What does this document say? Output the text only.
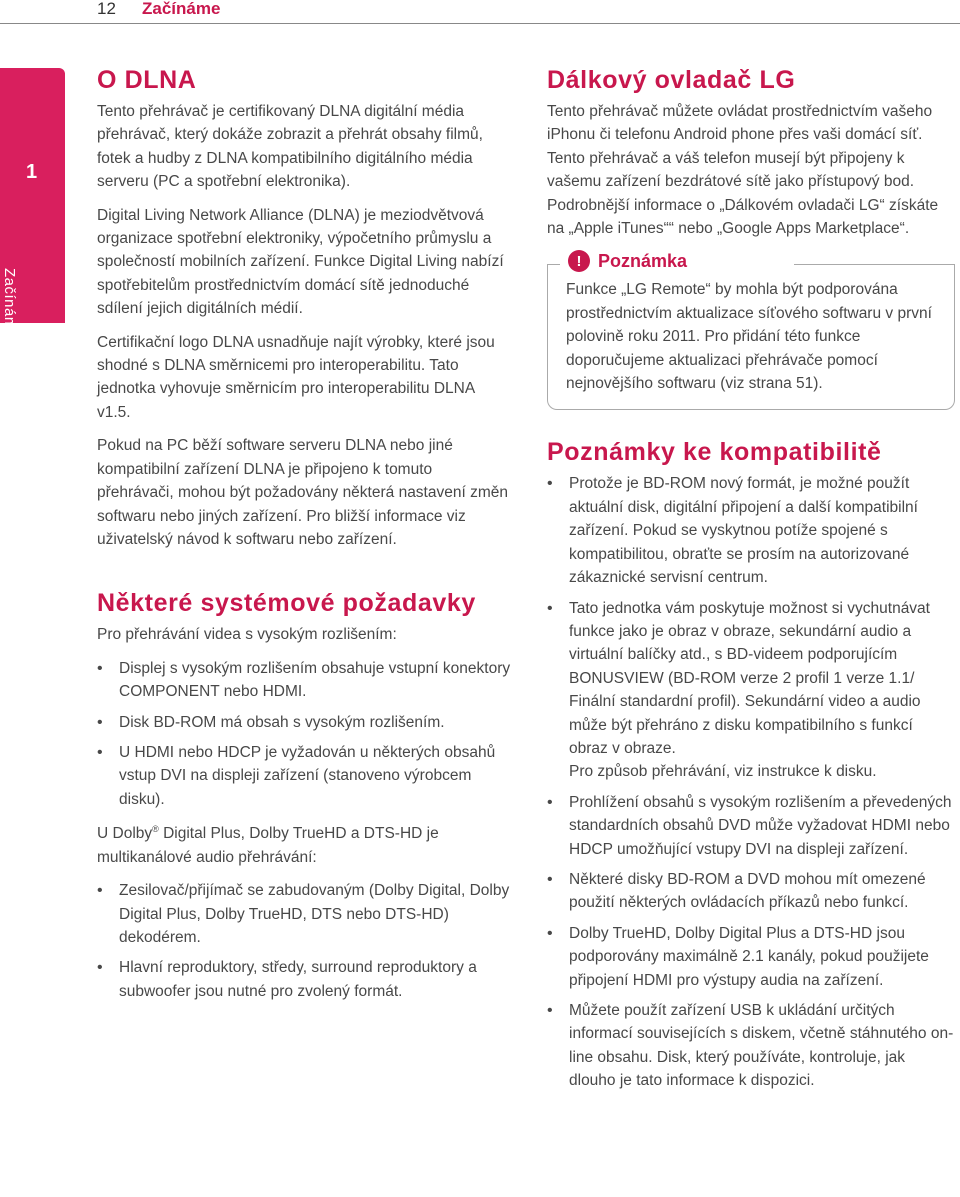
12 Začínáme
1
Začínáme
O DLNA

Tento přehrávač je certifikovaný DLNA digitální média přehrávač, který dokáže zobrazit a přehrát obsahy filmů, fotek a hudby z DLNA kompatibilního digitálního média serveru (PC a spotřební elektronika).

Digital Living Network Alliance (DLNA) je meziodvětvová organizace spotřební elektroniky, výpočetního průmyslu a společností mobilních zařízení. Funkce Digital Living nabízí spotřebitelům prostřednictvím domácí sítě jednoduché sdílení jejich digitálních médií.

Certifikační logo DLNA usnadňuje najít výrobky, které jsou shodné s DLNA směrnicemi pro interoperabilitu. Tato jednotka vyhovuje směrnicím pro interoperabilitu DLNA v1.5.

Pokud na PC běží software serveru DLNA nebo jiné kompatibilní zařízení DLNA je připojeno k tomuto přehrávači, mohou být požadovány některá nastavení změn softwaru nebo jiných zařízení. Pro bližší informace viz uživatelský návod k softwaru nebo zařízení.

Některé systémové požadavky

Pro přehrávání videa s vysokým rozlišením:

• Displej s vysokým rozlišením obsahuje vstupní konektory COMPONENT nebo HDMI.
• Disk BD-ROM má obsah s vysokým rozlišením.
• U HDMI nebo HDCP je vyžadován u některých obsahů vstup DVI na displeji zařízení (stanoveno výrobcem disku).

U Dolby® Digital Plus, Dolby TrueHD a DTS-HD je multikanálové audio přehrávání:

• Zesilovač/přijímač se zabudovaným (Dolby Digital, Dolby Digital Plus, Dolby TrueHD, DTS nebo DTS-HD) dekodérem.
• Hlavní reproduktory, středy, surround reproduktory a subwoofer jsou nutné pro zvolený formát.
Dálkový ovladač LG

Tento přehrávač můžete ovládat prostřednictvím vašeho iPhonu či telefonu Android phone přes vaši domácí síť. Tento přehrávač a váš telefon musejí být připojeny k vašemu zařízení bezdrátové sítě jako přístupový bod. Podrobnější informace o „Dálkovém ovladači LG“ získáte na „Apple iTunes““ nebo „Google Apps Marketplace“.

! Poznámka
Funkce „LG Remote“ by mohla být podporována prostřednictvím aktualizace síťového softwaru v první polovině roku 2011. Pro přidání této funkce doporučujeme aktualizaci přehrávače pomocí nejnovějšího softwaru (viz strana 51).
Poznámky ke kompatibilitě
• Protože je BD-ROM nový formát, je možné použít aktuální disk, digitální připojení a další kompatibilní zařízení. Pokud se vyskytnou potíže spojené s kompatibilitou, obraťte se prosím na autorizované zákaznické servisní centrum.
• Tato jednotka vám poskytuje možnost si vychutnávat funkce jako je obraz v obraze, sekundární audio a virtuální balíčky atd., s BD-videem podporujícím BONUSVIEW (BD-ROM verze 2 profil 1 verze 1.1/ Finální standardní profil). Sekundární video a audio může být přehráno z disku kompatibilního s funkcí obraz v obraze.
Pro způsob přehrávání, viz instrukce k disku.
• Prohlížení obsahů s vysokým rozlišením a převedených standardních obsahů DVD může vyžadovat HDMI nebo HDCP umožňující vstupy DVI na displeji zařízení.
• Některé disky BD-ROM a DVD mohou mít omezené použití některých ovládacích příkazů nebo funkcí.
• Dolby TrueHD, Dolby Digital Plus a DTS-HD jsou podporovány maximálně 2.1 kanály, pokud použijete připojení HDMI pro výstupy audia na zařízení.
• Můžete použít zařízení USB k ukládání určitých informací souvisejících s diskem, včetně stáhnutého on-line obsahu. Disk, který používáte, kontroluje, jak dlouho je tato informace k dispozici.
